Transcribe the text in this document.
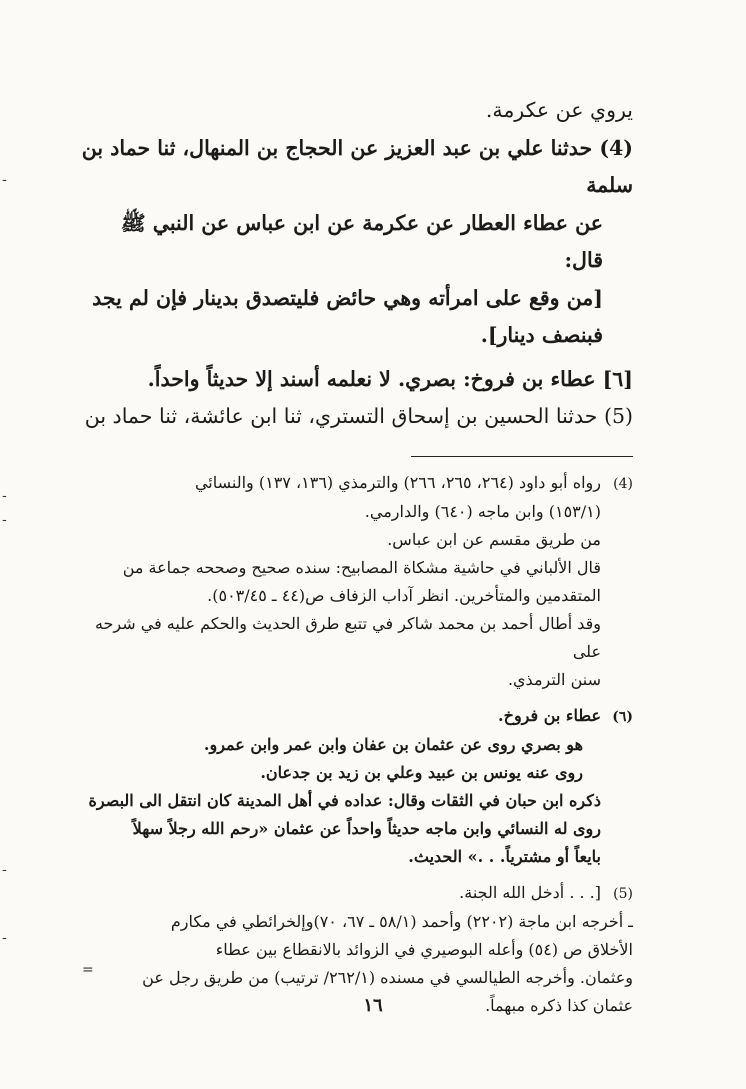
يروي عن عكرمة.

(4) حدثنا علي بن عبد العزيز عن الحجاج بن المنهال، ثنا حماد بن سلمة

عن عطاء العطار عن عكرمة عن ابن عباس عن النبي ﷺ قال:

[من وقع على امرأته وهي حائض فليتصدق بدينار فإن لم يجد

فبنصف دينار].

[٦] عطاء بن فروخ: بصري. لا نعلمه أسند إلا حديثاً واحداً.

(5) حدثنا الحسين بن إسحاق التستري، ثنا ابن عائشة، ثنا حماد بن

(4)رواه أبو داود (٢٦٤، ٢٦٥، ٢٦٦) والترمذي (١٣٦، ١٣٧) والنسائي

(١٥٣/١) وابن ماجه (٦٤٠) والدارمي.

من طريق مقسم عن ابن عباس.

قال الألباني في حاشية مشكاة المصابيح: سنده صحيح وصححه جماعة من

المتقدمين والمتأخرين. انظر آداب الزفاف ص(٤٤ ـ ٥٠٣/٤٥).

وقد أطال أحمد بن محمد شاكر في تتبع طرق الحديث والحكم عليه في شرحه على

سنن الترمذي.

(٦)عطاء بن فروخ.

هو بصري روى عن عثمان بن عفان وابن عمر وابن عمرو.

روى عنه يونس بن عبيد وعلي بن زيد بن جدعان.

ذكره ابن حبان في الثقات وقال: عداده في أهل المدينة كان انتقل الى البصرة

روى له النسائي وابن ماجه حديثاً واحداً عن عثمان «رحم الله رجلاً سهلاً

بايعاً أو مشترياً. . .» الحديث.

(5)[. . . أدخل الله الجنة.

ـ أخرجه ابن ماجة (٢٢٠٢) وأحمد (٥٨/١ ـ ٦٧، ٧٠)وإلخرائطي في مكارم

الأخلاق ص (٥٤) وأعله البوصيري في الزوائد بالانقطاع بين عطاء

وعثمان. وأخرجه الطيالسي في مسنده (٢٦٢/١/ ترتيب) من طريق رجل عن

عثمان كذا ذكره مبهماً.

١٦
-
-
-
-
-
=
